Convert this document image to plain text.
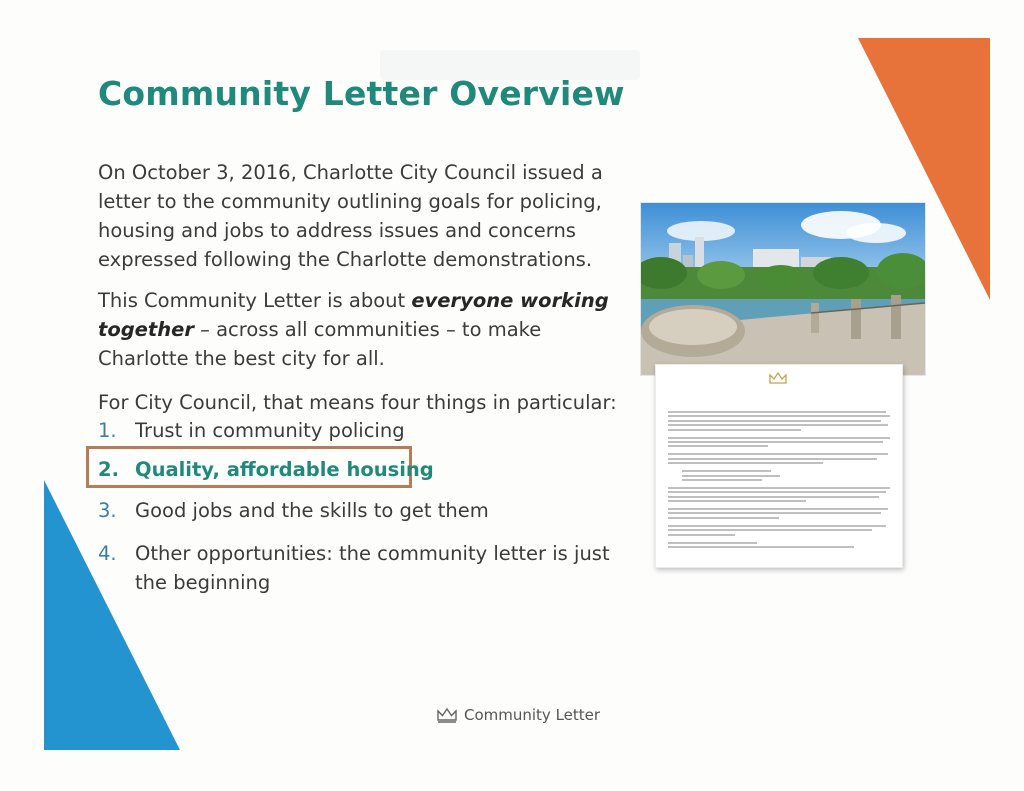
Community Letter Overview
On October 3, 2016, Charlotte City Council issued a letter to the community outlining goals for policing, housing and jobs to address issues and concerns expressed following the Charlotte demonstrations.
This Community Letter is about everyone working together – across all communities – to make Charlotte the best city for all.
For City Council, that means four things in particular:
1. Trust in community policing
2. Quality, affordable housing
3. Good jobs and the skills to get them
4. Other opportunities: the community letter is just the beginning
Community Letter
